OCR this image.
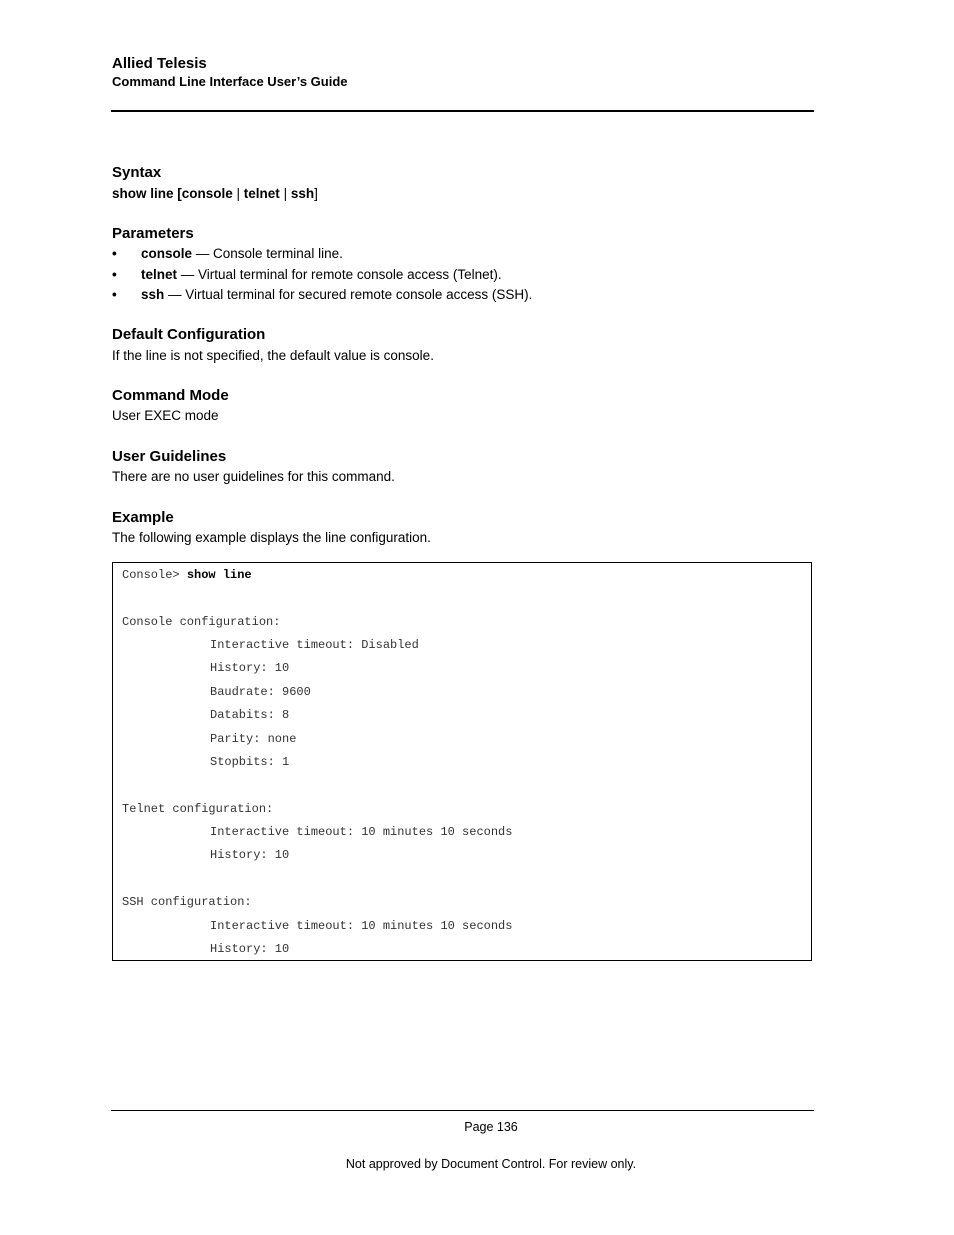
Allied Telesis
Command Line Interface User’s Guide
Syntax
show line [console | telnet | ssh]
Parameters
• console — Console terminal line.
• telnet — Virtual terminal for remote console access (Telnet).
• ssh — Virtual terminal for secured remote console access (SSH).
Default Configuration
If the line is not specified, the default value is console.
Command Mode
User EXEC mode
User Guidelines
There are no user guidelines for this command.
Example
The following example displays the line configuration.
Console> show line
Console configuration:
Interactive timeout: Disabled
History: 10
Baudrate: 9600
Databits: 8
Parity: none
Stopbits: 1
Telnet configuration:
Interactive timeout: 10 minutes 10 seconds
History: 10
SSH configuration:
Interactive timeout: 10 minutes 10 seconds
History: 10
Page 136
Not approved by Document Control. For review only.
